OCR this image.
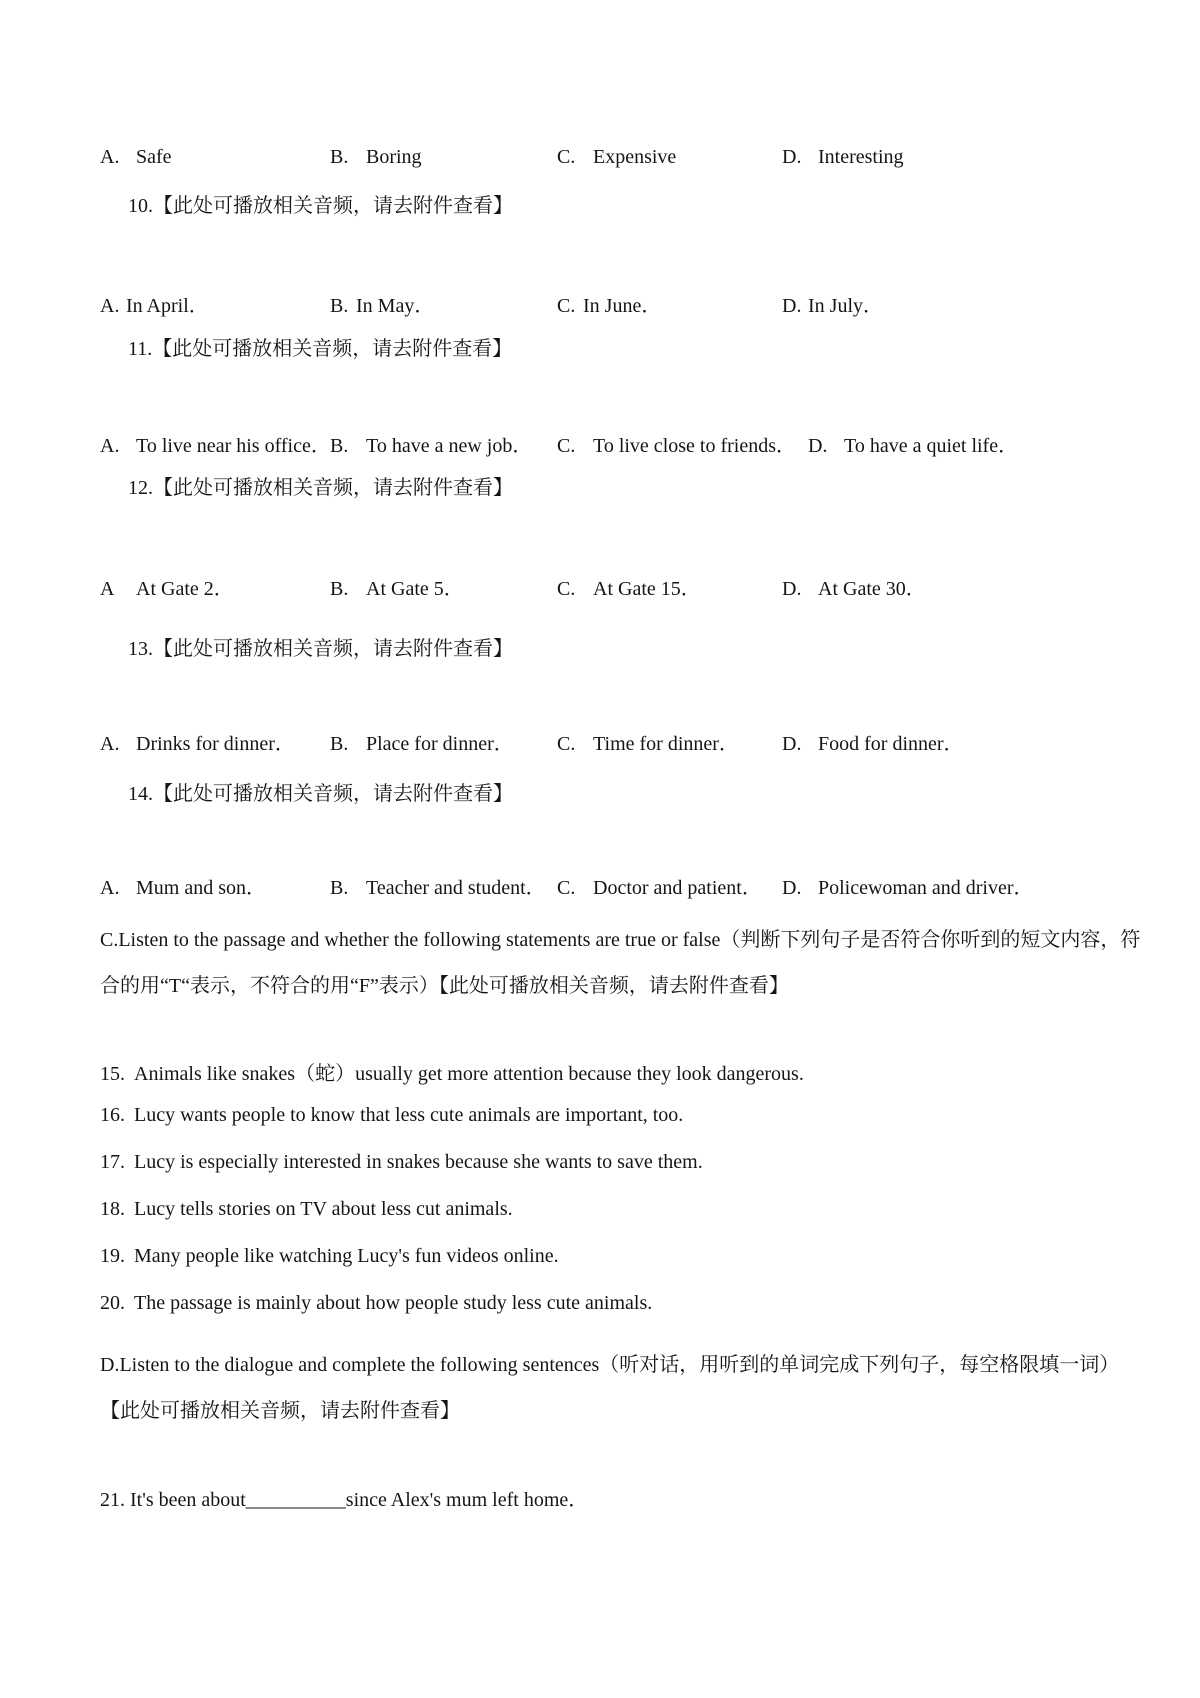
A. Safe	B. Boring	C. Expensive	D. Interesting
10.【此处可播放相关音频，请去附件查看】
A. In April．	B. In May．	C. In June．	D. In July．
11.【此处可播放相关音频，请去附件查看】
A. To live near his office． B. To have a new job． C. To live close to friends． D. To have a quiet life．
12.【此处可播放相关音频，请去附件查看】
A At Gate 2．	B. At Gate 5．	C. At Gate 15．	D. At Gate 30．
13.【此处可播放相关音频，请去附件查看】
A. Drinks for dinner． B. Place for dinner． C. Time for dinner． D. Food for dinner．
14.【此处可播放相关音频，请去附件查看】
A. Mum and son．	B. Teacher and student． C. Doctor and patient． D. Policewoman and driver．
C.Listen to the passage and whether the following statements are true or false（判断下列句子是否符合你听到的短文内容，符合的用“T“表示，不符合的用“F”表示）【此处可播放相关音频，请去附件查看】
15. Animals like snakes（蛇）usually get more attention because they look dangerous.
16. Lucy wants people to know that less cute animals are important, too.
17. Lucy is especially interested in snakes because she wants to save them.
18. Lucy tells stories on TV about less cut animals.
19. Many people like watching Lucy's fun videos online.
20. The passage is mainly about how people study less cute animals.
D.Listen to the dialogue and complete the following sentences（听对话，用听到的单词完成下列句子，每空格限填一词） 【此处可播放相关音频，请去附件查看】
21. It's been about__________since Alex's mum left home．
